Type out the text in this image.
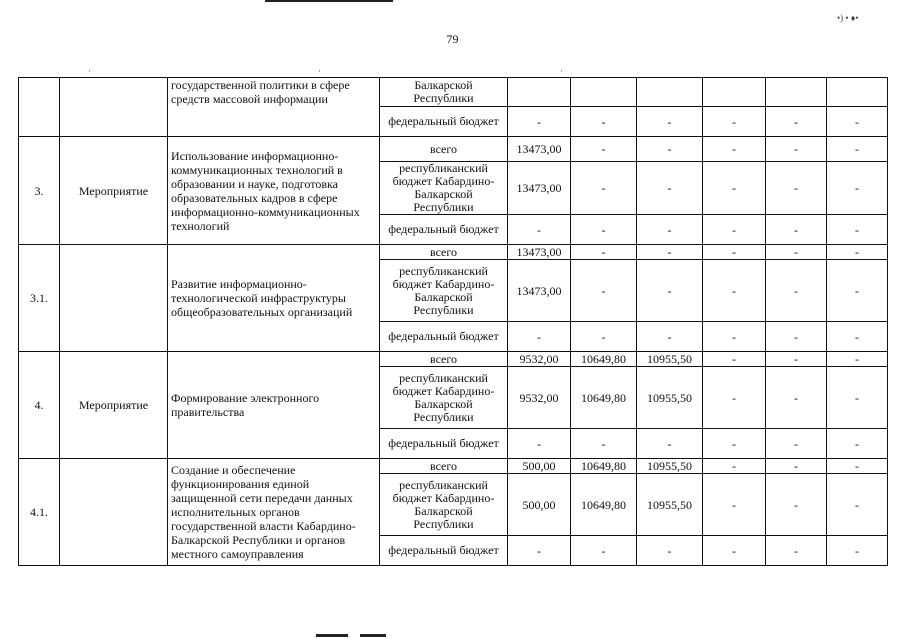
·	·	·
•) • ♦•
79
		государственной политики в сфере средств массовой информации	Балкарской Республики						
			федеральный бюджет	-	-	-	-	-	-
3.	Мероприятие	Использование информационно-коммуникационных технологий в образовании и науке, подготовка образовательных кадров в сфере информационно-коммуникационных технологий	всего	13473,00	-	-	-	-	-
			республиканский бюджет Кабардино-Балкарской Республики	13473,00	-	-	-	-	-
			федеральный бюджет	-	-	-	-	-	-
3.1.		Развитие информационно-технологической инфраструктуры общеобразовательных организаций	всего	13473,00	-	-	-	-	-
			республиканский бюджет Кабардино-Балкарской Республики	13473,00	-	-	-	-	-
			федеральный бюджет	-	-	-	-	-	-
4.	Мероприятие	Формирование электронного правительства	всего	9532,00	10649,80	10955,50	-	-	-
			республиканский бюджет Кабардино-Балкарской Республики	9532,00	10649,80	10955,50	-	-	-
			федеральный бюджет	-	-	-	-	-	-
4.1.		Создание и обеспечение функционирования единой защищенной сети передачи данных исполнительных органов государственной власти Кабардино-Балкарской Республики и органов местного самоуправления	всего	500,00	10649,80	10955,50	-	-	-
			республиканский бюджет Кабардино-Балкарской Республики	500,00	10649,80	10955,50	-	-	-
			федеральный бюджет	-	-	-	-	-	-
